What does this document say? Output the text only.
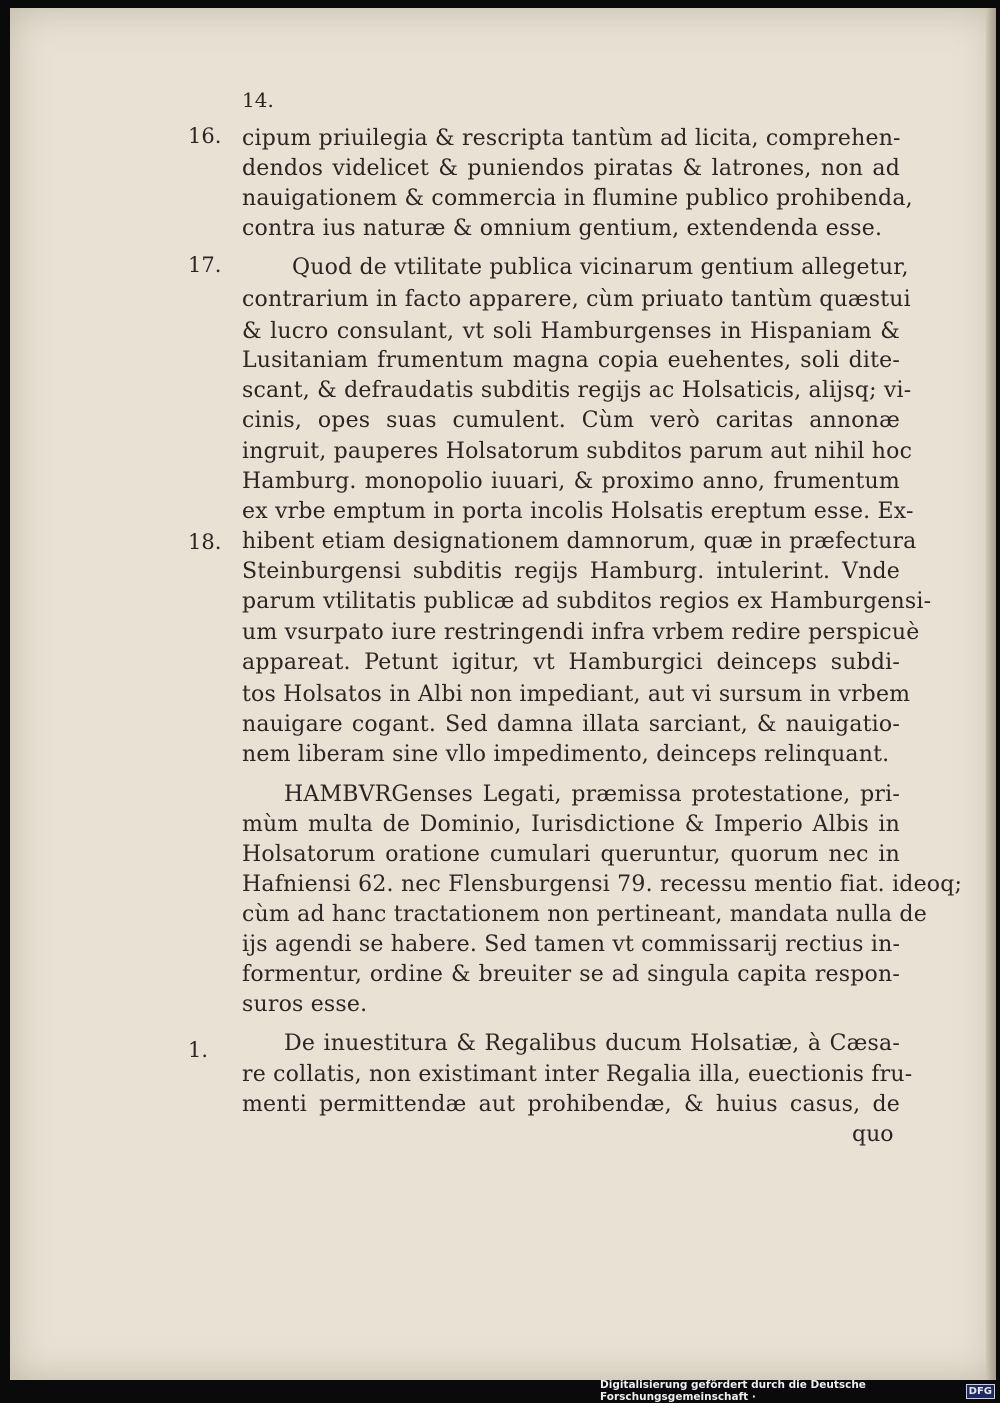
14.
16.
17.
18.
1.
cipum priuilegia & rescripta tantùm ad licita, comprehen-
dendos videlicet & puniendos piratas & latrones, non ad
nauigationem & commercia in flumine publico prohibenda,
contra ius naturæ & omnium gentium, extendenda esse.
Quod de vtilitate publica vicinarum gentium allegetur,
contrarium in facto apparere, cùm priuato tantùm quæstui
& lucro consulant, vt soli Hamburgenses in Hispaniam &
Lusitaniam frumentum magna copia euehentes, soli dite-
scant, & defraudatis subditis regijs ac Holsaticis, alijsq; vi-
cinis, opes suas cumulent. Cùm verò caritas annonæ
ingruit, pauperes Holsatorum subditos parum aut nihil hoc
Hamburg. monopolio iuuari, & proximo anno, frumentum
ex vrbe emptum in porta incolis Holsatis ereptum esse. Ex-
hibent etiam designationem damnorum, quæ in præfectura
Steinburgensi subditis regijs Hamburg. intulerint. Vnde
parum vtilitatis publicæ ad subditos regios ex Hamburgensi-
um vsurpato iure restringendi infra vrbem redire perspicuè
appareat. Petunt igitur, vt Hamburgici deinceps subdi-
tos Holsatos in Albi non impediant, aut vi sursum in vrbem
nauigare cogant. Sed damna illata sarciant, & nauigatio-
nem liberam sine vllo impedimento, deinceps relinquant.
HAMBVRGenses Legati, præmissa protestatione, pri-
mùm multa de Dominio, Iurisdictione & Imperio Albis in
Holsatorum oratione cumulari queruntur, quorum nec in
Hafniensi 62. nec Flensburgensi 79. recessu mentio fiat. ideoq;
cùm ad hanc tractationem non pertineant, mandata nulla de
ijs agendi se habere. Sed tamen vt commissarij rectius in-
formentur, ordine & breuiter se ad singula capita respon-
suros esse.
De inuestitura & Regalibus ducum Holsatiæ, à Cæsa-
re collatis, non existimant inter Regalia illa, euectionis fru-
menti permittendæ aut prohibendæ, & huius casus, de
quo
Digitalisierung gefördert durch die Deutsche Forschungsgemeinschaft ·	DFG
